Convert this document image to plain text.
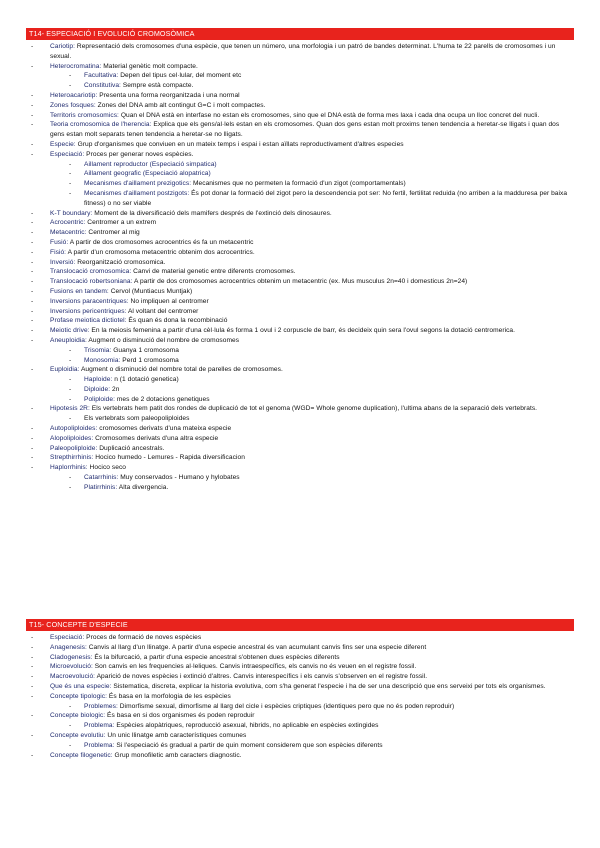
T14- ESPECIACIÓ I EVOLUCIÓ CROMOSÒMICA
-	Cariotip: Representació dels cromosomes d'una espècie, que tenen un número, una morfologia i un patró de bandes determinat. L'huma te 22 parells de cromosomes i un sexual.
-	Heterocromatina: Material genètic molt compacte.
- Facultativa: Depen del tipus cel·lular, del moment etc
- Constitutiva: Sempre està compacte.
-	Heteroacariotip: Presenta una forma reorganitzada i una normal
-	Zones fosques: Zones del DNA amb alt contingut G=C i molt compactes.
-	Territoris cromosomics: Quan el DNA està en interfase no estan els cromosomes, sino que el DNA està de forma mes laxa i cada dna ocupa un lloc concret del nucli.
-	Teoria cromosomica de l'herencia: Explica que els gens/al·lels estan en els cromosomes. Quan dos gens estan molt proxims tenen tendencia a heretar-se lligats i quan dos gens estan molt separats tenen tendencia a heretar-se no lligats.
-	Especie: Grup d'organismes que conviuen en un mateix temps i espai i estan aïllats reproductivament d'altres especies
-	Especiació: Proces per generar noves espècies.
- Aillament reproductor (Especiació simpatica)
- Aillament geografic (Especiació alopatrica)
- Mecanismes d'aillament prezigotics: Mecanismes que no permeten la formació d'un zigot (comportamentals)
- Mecanismes d'aillament postzigots: És pot donar la formació del zigot pero la descendencia pot ser: No fertil, fertilitat reduida (no arriben a la madduresa per baixa fitness) o no ser viable
-	K-T boundary: Moment de la diversificació dels mamifers després de l'extinció dels dinosaures.
-	Acrocentric: Centromer a un extrem
-	Metacentric: Centromer al mig
-	Fusió: A partir de dos cromosomes acrocentrics és fa un metacentric
-	Fisió: A partir d'un cromosoma metacentric obtenim dos acrocentrics.
-	Inversió: Reorganització cromosomica.
-	Translocació cromosomica: Canvi de material genetic entre diferents cromosomes.
-	Translocació robertsoniana: A partir de dos cromosomes acrocentrics obtenim un metacentric (ex. Mus musculus 2n=40 i domesticus 2n=24)
-	Fusions en tandem: Cervol (Muntiacus Muntjak)
-	Inversions paracentriques: No impliquen al centromer
-	Inversions pericentriques: Al voltant del centromer
-	Profase meiotica dictiotel: És quan és dona la recombinació
-	Meiotic drive: En la meiosis femenina a partir d'una cèl·lula és forma 1 ovul i 2 corpuscle de barr, és decideix quin sera l'ovul segons la dotació centromerica.
-	Aneuploidia: Augment o disminució del nombre de cromosomes
- Trisomia: Guanya 1 cromosoma
- Monosomia: Perd 1 cromosoma
-	Euploidia: Augment o disminució del nombre total de parelles de cromosomes.
- Haploide: n (1 dotació genetica)
- Diploide: 2n
- Poliploide: mes de 2 dotacions genetiques
-	Hipotesis 2R: Els vertebrats hem patit dos rondes de duplicació de tot el genoma (WGD= Whole genome duplication), l'ultima abans de la separació dels vertebrats.
- Els vertebrats som paleopoliploides
-	Autopoliploides: cromosomes derivats d'una mateixa especie
-	Alopoliploides: Cromosomes derivats d'una altra especie
-	Paleopoliploide: Duplicació ancestrals.
-	Strepthirrhinis: Hocico humedo - Lemures - Rapida diversificacion
-	Haplorrhinis: Hocico seco
- Catarrhinis: Muy conservados - Humano y hylobates
- Platirrhinis: Alta divergencia.
T15- CONCEPTE D'ESPECIE
-	Especiació: Proces de formació de noves espècies
-	Anagenesis: Canvis al llarg d'un llinatge. A partir d'una especie ancestral és van acumulant canvis fins ser una especie diferent
-	Cladogenesis: És la bifurcació, a partir d'una especie ancestral s'obtenen dues espècies diferents
-	Microevolució: Son canvis en les frequencies al·leliques. Canvis intraespecífics, els canvis no és veuen en el registre fossil.
-	Macroevolució: Aparició de noves espècies i extinció d'altres. Canvis interespecífics i els canvis s'observen en el registre fossil.
-	Que és una especie: Sistematica, discreta, explicar la historia evolutiva, com s'ha generat l'especie i ha de ser una descripció que ens serveixi per tots els organismes.
-	Concepte tipologic: És basa en la morfologia de les espècies
- Problemes: Dimorfisme sexual, dimorfisme al llarg del cicle i espècies criptiques (identiques pero que no és poden reproduir)
-	Concepte biologic: És basa en si dos organismes és poden reproduir
- Problema: Espècies alopàtriques, reproducció asexual, hibrids, no aplicable en espècies extingides
-	Concepte evolutiu: Un unic llinatge amb característiques comunes
- Problema: Si l'especiació és gradual a partir de quin moment considerem que son espècies diferents
-	Concepte filogenetic: Grup monofiletic amb caracters diagnostic.
